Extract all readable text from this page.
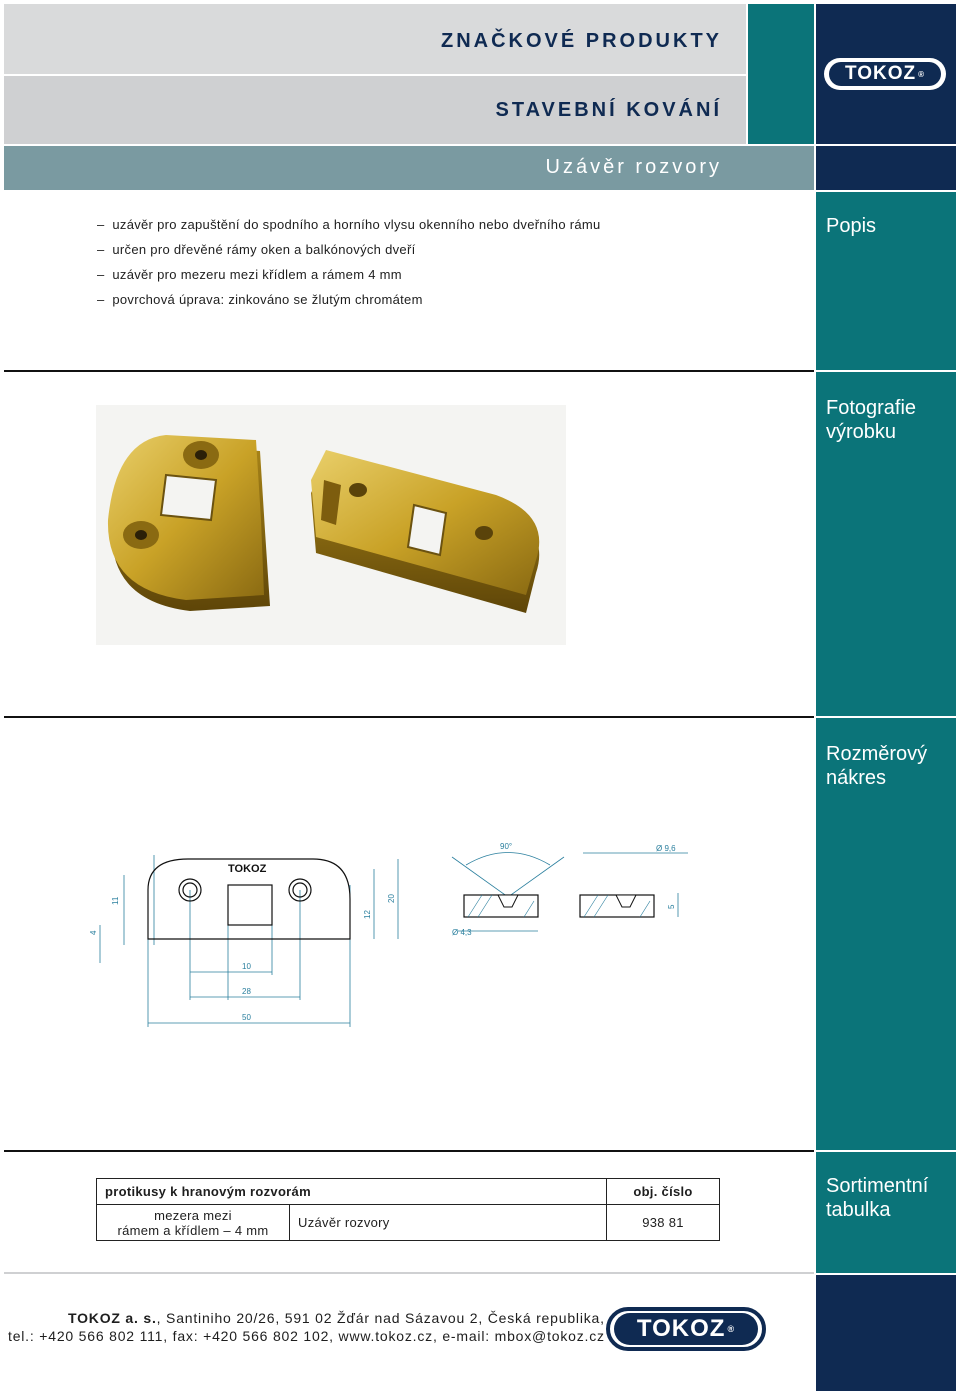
ZNAČKOVÉ PRODUKTY
STAVEBNÍ KOVÁNÍ
Uzávěr rozvory
TOKOZ ®
Popis
Fotografie
výrobku
Rozměrový
nákres
Sortimentní
tabulka
–  uzávěr pro zapuštění do spodního a horního vlysu okenního nebo dveřního rámu
–  určen pro dřevěné rámy oken a balkónových dveří
–  uzávěr pro mezeru mezi křídlem a rámem 4 mm
–  povrchová úprava: zinkováno se žlutým chromátem
TOKOZ
90°	Ø 9,6
Ø 4,3
4
11
12
20
5
10
28
50
protikusy k hranovým rozvorám		obj. číslo

mezera mezi
rámem a křídlem – 4 mm	Uzávěr rozvory	938 81
TOKOZ a. s., Santiniho 20/26, 591 02 Žďár nad Sázavou 2, Česká republika,
tel.: +420 566 802 111, fax: +420 566 802 102, www.tokoz.cz, e-mail: mbox@tokoz.cz TOKOZ ®
